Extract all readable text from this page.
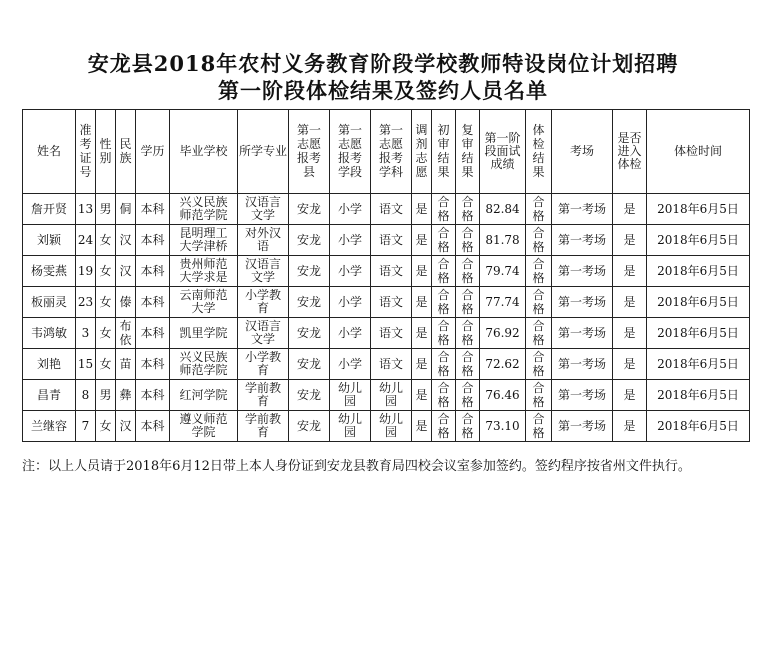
安龙县2018年农村义务教育阶段学校教师特设岗位计划招聘
第一阶段体检结果及签约人员名单
姓名	准考证号	性别	民族	学历	毕业学校	所学专业	第一志愿报考县	第一志愿报考学段	第一志愿报考学科	调剂志愿	初审结果	复审结果	第一阶段面试成绩	体检结果	考场	是否进入体检	体检时间
詹开贤	13	男	侗	本科	兴义民族师范学院	汉语言文学	安龙	小学	语文	是	合格	合格	82.84	合格	第一考场	是	2018年6月5日
刘颖	24	女	汉	本科	昆明理工大学津桥	对外汉语	安龙	小学	语文	是	合格	合格	81.78	合格	第一考场	是	2018年6月5日
杨雯燕	19	女	汉	本科	贵州师范大学求是	汉语言文学	安龙	小学	语文	是	合格	合格	79.74	合格	第一考场	是	2018年6月5日
板丽灵	23	女	傣	本科	云南师范大学	小学教育	安龙	小学	语文	是	合格	合格	77.74	合格	第一考场	是	2018年6月5日
韦鸿敏	3	女	布依	本科	凯里学院	汉语言文学	安龙	小学	语文	是	合格	合格	76.92	合格	第一考场	是	2018年6月5日
刘艳	15	女	苗	本科	兴义民族师范学院	小学教育	安龙	小学	语文	是	合格	合格	72.62	合格	第一考场	是	2018年6月5日
昌青	8	男	彝	本科	红河学院	学前教育	安龙	幼儿园	幼儿园	是	合格	合格	76.46	合格	第一考场	是	2018年6月5日
兰继容	7	女	汉	本科	遵义师范学院	学前教育	安龙	幼儿园	幼儿园	是	合格	合格	73.10	合格	第一考场	是	2018年6月5日
注：以上人员请于2018年6月12日带上本人身份证到安龙县教育局四校会议室参加签约。签约程序按省州文件执行。
